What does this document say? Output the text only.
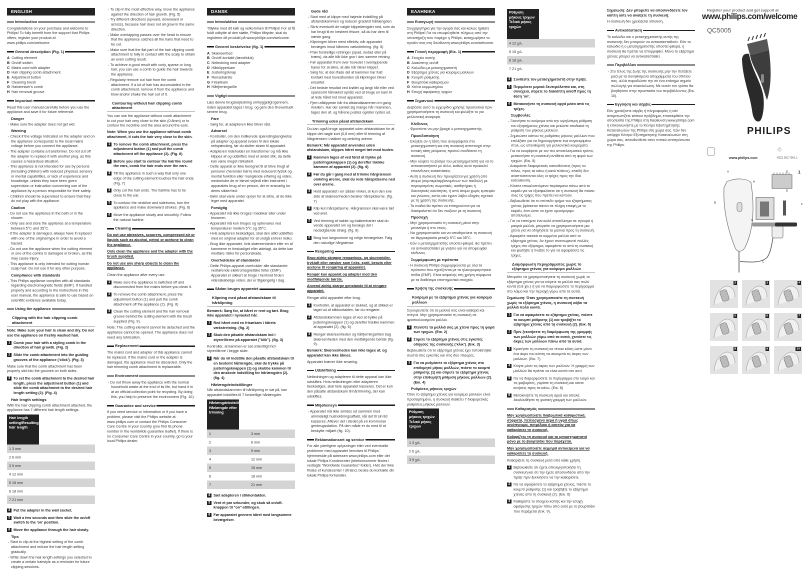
ENGLISH
Introduction
Congratulations on your purchase and welcome to Philips! To fully benefit from the support that Philips offers, register your product at www.philips.com/welcome.
General description (Fig. 1)
A Cutting element
B On/off switch
C Mains cord with adapter
D Hair clipping comb attachment
E Adjustment button
F Cleaning brush
G Hairdresser's comb
H Hair removal groove
Important
Read this user manual carefully before you use the appliance and save it for future reference.
Danger
- Make sure the adapter does not get wet.
Warning
- Check if the voltage indicated on the adapter and on the appliance corresponds to the local mains voltage before you connect the appliance.
- The adapter contains a transformer. Do not cut off the adapter to replace it with another plug, as this causes a hazardous situation.
- This appliance is not intended for use by persons (including children) with reduced physical, sensory or mental capabilities, or lack of experience and knowledge, unless they have been given supervision or instruction concerning use of the appliance by a person responsible for their safety.
- Children should be supervised to ensure that they do not play with the appliance.
Caution
- Do not use the appliance in the bath or in the shower.
- Only use and store the appliance at a temperature between 5°C and 35°C.
- If the adapter is damaged, always have it replaced with one of the original type in order to avoid a hazard.
- Do not use the appliance when the cutting element or one of the combs is damaged or broken, as this may cause injury.
- This appliance is only intended for cutting human scalp hair. Do not use it for any other purpose.
Compliance with standards
- This Philips appliance complies with all standards regarding electromagnetic fields (EMF). If handled properly and according to the instructions in this user manual, the appliance is safe to use based on scientific evidence available today.
Using the appliance
Clipping with the hair clipping comb attachment
Note: Make sure your hair is clean and dry. Do not use the appliance on freshly washed hair.
1 Comb your hair with a styling comb in the direction of hair growth. (Fig. 2)
2 Slide the comb attachment into the guiding grooves of the appliance ('click'). (Fig. 3)
Make sure that the comb attachment has been properly slid into the grooves on both sides.
3 To set the comb attachment to the desired hair length, press the adjustment button (1) and slide the comb attachment to the desired hair length setting (2). (Fig. 4)
Hair length settings
With the hair clipping comb attachment attached, the appliance has 7 different hair length settings.
Hair length setting/Resulting hair length
1 3 mm
2 6 mm
3 9 mm
4 12 mm
5 15 mm
6 18 mm
7 21 mm
4 Put the adapter in the wall socket.
5 Wait a few seconds and then slide the on/off switch to the 'on' position.
6 Move the appliance through the hair slowly.
Tips
- Start to clip at the highest setting of the comb attachment and reduce the hair length setting gradually.
- Write down the hair length settings you selected to create a certain hairstyle as a reminder for future clipping sessions.
- To clip in the most effective way, move the appliance against the direction of hair growth. (Fig. 5)
- Try different directions (upward, downward or across), because hair does not all grow in the same direction.
- Make overlapping passes over the head to ensure that the appliance catches all the hairs that need to be cut.
- Make sure that the flat part of the hair clipping comb attachment is fully in contact with the scalp to obtain an even cutting result.
- To achieve a good result with curly, sparse or long hair, you can use a comb to guide the hair towards the appliance.
- Regularly remove cut hair from the comb attachment. If a lot of hair has accumulated in the comb attachment, remove it from the appliance and blow and/or shake the hair out of it.
Contouring without hair clipping comb attachment
You can use the appliance without comb attachment to cut your hair very close to the skin (0.8mm) or to contour the neckline and the area around the ears.
Note: When you use the appliance without comb attachment, it cuts the hair very close to the skin.
1 To remove the comb attachment, press the adjustment button (1) and pull the comb attachment off the appliance (2). (Fig. 6)
2 Before you start to contour the hairline round the ears, comb the hair ends over the ears.
3 Tilt the appliance in such a way that only one edge of the cutting element touches the hair ends. (Fig. 7)
4 Only cut the hair ends. The hairline has to be close to the ear.
5 To contour the neckline and sideburns, turn the appliance and make downward strokes. (Fig. 8)
6 Move the appliance slowly and smoothly. Follow the natural hairline.
Cleaning
Do not use abrasives, scourers, compressed air or liquids such as alcohol, petrol or acetone to clean the appliance.
Only clean the appliance and the adapter with the brush supplied.
Do not use any sharp objects to clean the appliance.
Clean the appliance after every use.
1 Make sure the appliance is switched off and disconnected from the mains before you clean it.
2 To remove the comb attachment, press the adjustment button (1) and pull the comb attachment off the appliance (2). (Fig. 6)
3 Clean the cutting element and the hair removal groove behind the cutting element with the brush supplied (Fig. 9).
Note: The cutting element cannot be detached and the appliance cannot be opened. The appliance does not need any lubrication.
Replacement
The mains cord and adapter of this appliance cannot be replaced. If the mains cord or the adapter is damaged, the appliance must be discarded. Only the hair trimming comb attachment is replaceable.
Environment
- Do not throw away the appliance with the normal household waste at the end of its life, but hand it in at an official collection point for recycling. By doing this, you help to preserve the environment (Fig. 10).
Guarantee and service
If you need service or information or if you have a problem, please visit the Philips website at www.philips.com or contact the Philips Consumer Care Centre in your country (you find its phone number in the worldwide guarantee leaflet). If there is no Consumer Care Centre in your country, go to your local Philips dealer.
DANSK
Introduktion
Tillykke med dit køb og velkommen til Philips! For at få fuldt udbytte af den støtte, Philips tilbyder, skal du registrere dit produkt på www.philips.com/welcome.
Generel beskrivelse (fig. 1)
A Skæreenhed
B On/off-kontakt (tænd/sluk)
C Netledning med adapter
D Hårklipperkam
E Justeringsknap
F Rensebørste
G Frisørkam
H Hårfjerningsrille
Vigtigt
Læs denne brugsvejledning omhyggeligt igennem, inden apparatet tages i brug, og gem den til eventuelt senere brug.
Fare
- Sørg for, at adapteren ikke bliver våd.
Advarsel
- Kontrollér, om den indikerede spændingsangivelse på adapter og apparat svarer til den lokale netspænding, før du slutter strøm til apparatet.
- Adapteren indeholder en transformer og må ikke klippes af og udskiftes med et andet stik, da dette kan være meget risikabelt.
- Dette apparat er ikke beregnet til at blive brugt af personer (herunder børn) med reduceret fysisk og mental funktion eller manglende erfaring og viden, medmindre de er blevet vejledt eller instrueret i apparatets brug af en person, der er ansvarlig for deres sikkerhed.
- Børn skal være under opsyn for at sikre, at de ikke leger med apparatet.
Forsigtig
- Apparatet må ikke bruges i badekar eller under bruseren.
- Apparatet må kun bruges og opbevares ved temperaturer mellem 5°C og 35°C.
- Hvis adapteren beskadiges, skal den altid udskiftes med en original adapter for at undgå enhver risiko.
- Brug ikke apparatet, hvis skæreenheden eller en af kammene er beskadiget eller ødelagt, da dette kan medføre risiko for personskade.
Overholdelse af standarder
- Dette Philips-apparat overholder alle standarder vedrørende elektromagnetiske felter (EMF). Apparatet er sikkert at bruge i henhold til den videnskabelige viden, der er tilgængelig i dag.
Sådan bruges apparatet
Klipning med påsat afstandskam til hårklipning
Bemærk: Sørg for, at håret er rent og tørt. Brug ikke apparatet i nyvasket hår.
1 Red håret med en frisørkam i hårets vækstretning. (fig. 2)
2 Skub den påsatte afstandskam ind i styrerillerne på apparatet ("klik"). (fig. 3)
Kontrollér, at kammen er sat ordentligt ind i styrerillerne i begge sider.
3 Når du vil indstille den påsatte afstandskam til en bestemt hårlængde, skal du trykke på justeringsknappen (1) og skubbe kammen til den ønskede indstilling for hårlængden (2). (fig. 4)
Hårlængdeindstillinger
Når afstandskammen til hårklipning er sat på, kan apparatet indstilles til 7 forskellige hårlængder.
Hårlængdeindstilling Hårlængde efter trimning
1	3 mm
2	6 mm
3	9 mm
4	12 mm
5	15 mm
6	18 mm
7	21 mm
4 Sæt adapteren i stikkontakten.
5 Vent et par sekunder, og skub så on/off-knappen til "on"-stillingen.
6 Før apparatet gennem håret med langsomme bevægelser.
Gode råd
- Start med at klippe med højeste indstilling på afstandskammen og reducér gradvist hårlængden.
- Skriv eventuelt de valgte klippelængder ned, som du har brugt til en bestemt frisure, så du har dem til næste gang.
- Klipningen bliver mest effektiv, når apparatet bevæges imod hårenes vækstretning. (fig. 5)
- Prøv forskellige retninger (opad, nedad eller på tværs), da alle hår ikke gror i den samme retning.
- Før apparatet frem over hovedet i overlappende baner for at sikre, at alle hår bliver klippet.
- Sørg for, at den flade del af kammen har fuld kontakt med hovedbunden så klipningen bliver ensartet.
- Det bedste resultat ved krøllet og langt hår eller ved spansomt hårvækst opnås ved at bruge en kam til at lede håret ind imod apparatet.
- Fjern afklippede hår fra afstandskammen en gang imellem. Har der samlet sig mange hår i kammen, tages den af, og hårene pustes og/eller rystes ud.
Trimning uden påsat afstandskam
Du kan også bruge apparatet uden afstandskam for at klippe det nøgle kort (0,8 mm) eller til trimning af hårgrænsen i nakken og omkring ørerne.
Bemærk: Når apparatet anvendes uden afstandskam, klippes håret meget tæt mod huden.
1 Kammen tages af ved først at trykke på justeringsknappen (1) og derefter trække kammen af apparatet (2). (fig. 6)
2 Før du går i gang med at trimme hårgrænsen omkring ørerne, skal du rede hårspidserne ned over ørerne.
3 Hold apparatet i en sådan vinkel, at kun den ene side af skæreenheden berører hårspidserne. (fig. 7)
4 Klip kun hårspidserne. Hårgrænsen skal være tæt ved øret.
5 Ved trimning af nakke og bakkenbarter skal du vende apparatet om og bevæge det i nedadgående stræg. (fig. 8)
6 Brug kun langsomme og rolige bevægelser. Følg den naturlige hårgrænse.
Rengøring
Brug aldrig skrappe rengørings- og skuremidler, trykluft eller væsker som f.eks. sprit, benzin eller acetone til rengøring af apparatet.
Rengør kun apparat og adapter med den medfølgende børste.
Anvend aldrig skarpe genstande til at rengøre apparatet.
Rengør altid apparatet efter brug.
1 Kontrollér, at apparatet er slukket, og at stikket er taget ud af stikkontakten, før du rengører.
2 Afstandskammen tages af ved at trykke på justeringsknappen (1) og derefter trække kammen af apparatet (2). (fig. 6)
3 Rengør skæreenheden og hårfjerningsrillen bag skæreenheden med den medfølgende børste (fig. 9).
Bemærk: Skæreenheden kan ikke tages af, og apparatet kan ikke åbnes.
Apparatet kræver ikke smøring.
Udskiftning
Netledningen og adapteren til dette apparat kan ikke udskiftes. Hvis netledningen eller adapteren beskadiges, skal hele apparatet kasseres. Det er kun den påsatte afstandskam til hårtrimning, der kan udskiftes.
Miljøhensyn
- Apparatet må ikke smides ud sammen med almindeligt husholdningsaffald, når det til sin tid kasseres. Aflever det i stedet på en kommunal genbrugsstation. På den måde er du med til at beskytte miljøet (fig. 10).
Reklamationsret og service
For alle yderligere oplysninger eller ved eventuelle problemer med apparatet henvises til Philips’ hjemmeside på adressen www.philips.com eller det lokale Philips Kundecenter (telefonnummer findes i vedlagte ”Worldwide Guarantee”-folder). Hvis der ikke findes et kundecenter i dit land, bedes du kontakte din lokale Philips-forhandler.
ΕΛΛΗΝΙΚΑ
Εισαγωγή
Συγχαρητήρια για την αγορά σας και καλώς ήρθατε στη Philips! Για να επωφεληθείτε πλήρως από την υποστήριξη που παρέχει η Philips, καταχωρήστε το προϊόν σας στη διεύθυνση www.philips.com/welcome.
Γενική περιγραφή (Εικ. 1)
A Στοιχείο κοπής
B Διακόπτης on/off
C Καλώδιο με μετασχηματιστή
D Εξάρτημα χτένας για κούρεμα μαλλιών
E Κουμπί ρύθμισης
F Βουρτσάκι καθαρισμού
G Χτένα κομμωτηρίου
H Εσοχή αφαίρεσης τριχών
Σημαντικό
Διαβάστε αυτό το εγχειρίδιο χρήσης προσεκτικά πριν χρησιμοποιήσετε τη συσκευή και φυλάξτε το για μελλοντική αναφορά.
Κίνδυνος
- Φροντίστε να μην βραχεί ο μετασχηματιστής.
Προειδοποίηση
- Ελέγξτε αν η τάση που αναγράφεται στο μετασχηματιστή και στη συσκευή αντιστοιχεί στην τοπική τάση ρεύματος προτού συνδέσετε τη συσκευή.
- Μην κόψετε το βύσμα του μετασχηματιστή για να το αντικαταστήσετε με άλλο, καθώς αυτό προκαλεί επικίνδυνες καταστάσεις.
- Αυτή η συσκευή δεν προορίζεται για χρήση από άτομα (συμπεριλαμβανομένων των παιδιών) με περιορισμένες σωματικές, αισθητήριες ή διανοητικές ικανότητες, ή από άτομα χωρίς εμπειρία και γνώσεις, εκτός εάν έχουν λάβει οδηγίες σχετικά με τη χρήση της συσκευής.
- Τα παιδιά θα πρέπει να επιτηρούνται για να διασφαλιστεί ότι δεν παίζουν με τη συσκευή.
Προσοχή
- Μην χρησιμοποιείτε τη συσκευή μέσα στην μπανιέρα ή στο ντους.
- Να χρησιμοποιείτε και να αποθηκεύετε τη συσκευή σε θερμοκρασία μεταξύ 5°C και 35°C.
- Εάν ο μετασχηματιστής υποστεί φθορά, θα πρέπει να αντικατασταθεί με γνήσιο για να αποφευχθεί κίνδυνος.
Συμμόρφωση με πρότυπα
- Η συσκευή Philips συμμορφώνεται με όλα τα πρότυπα που σχετίζονται με τα ηλεκτρομαγνητικά πεδία (EMF). Είναι ασφαλής στη χρήση σύμφωνα με τα διαθέσιμα επιστημονικά στοιχεία.
Χρήση της συσκευής
Κούρεμα με το εξάρτημα χτένας για κούρεμα μαλλιών
Σιγουρευτείτε ότι τα μαλλιά σας είναι καθαρά και στεγνά. Μην χρησιμοποιείτε τη συσκευή σε φρεσκολουσμένα μαλλιά.
1 Χτενίστε τα μαλλιά σας με χτένα προς τη φορά των τριχών. (Εικ. 2)
2 Σύρετε το εξάρτημα χτένας στις εγκοπές οδηγούς της συσκευής (‘κλικ’). (Εικ. 3)
Βεβαιωθείτε ότι το εξάρτημα χτένας έχει τοποθετηθεί σωστά στις εγκοπές και στις δύο πλευρές.
3 Για να ρυθμίσετε το εξάρτημα χτένας στο επιθυμητό μήκος μαλλιών, πιέστε το κουμπί ρύθμισης (1) και σύρετε το εξάρτημα χτένας στην επιθυμητή ρύθμιση μήκους μαλλιών (2). (Εικ. 4)
Ρυθμίσεις μήκους τριχών
Όταν το εξάρτημα χτένας για κούρεμα μαλλιών είναι προσαρτημένο, η συσκευή διαθέτει 7 διαφορετικές ρυθμίσεις μήκους μαλλιών.
Ρύθμιση μήκους τριχών Τελικό μήκος τριχών
1 3 χιλ.
2 6 χιλ.
3 9 χιλ.
Ρύθμιση μήκους τριχών Τελικό μήκος τριχών
4 12 χιλ.
5 15 χιλ.
6 18 χιλ.
7 21 χιλ.
4 Συνδέστε τον μετασχηματιστή στην πρίζα.
5 Περιμένετε μερικά δευτερόλεπτα και, στη συνέχεια, σύρετε το διακόπτη on/off προς τη θέση ‘on’.
6 Μετακινήστε τη συσκευή αργά μέσα από τις τρίχες.
Συμβουλές
- Ξεκινήστε το κούρεμα από την υψηλότερη ρύθμιση του εξαρτήματος χτένας και μειώστε σταδιακά τη ρύθμιση του μήκους μαλλιών.
- Σημειώστε κάπου τις ρυθμίσεις μήκους μαλλιών που επιλέξατε για να δημιουργήσετε ένα συγκεκριμένο στυλ, ως υπενθύμιση για μελλοντικά κουρέματα.
- Για να κουρέψετε με τον πιο αποτελεσματικό τρόπο, μετακινήστε τη συσκευή αντίθετα από τη φορά των τριχών. (Εικ. 5)
- Δοκιμάστε διαφορετικές κατευθύνσεις (προς τα πάνω, προς τα κάτω ή κατά πλάτος), επειδή δεν αναπτύσσονται όλες οι τρίχες προς την ίδια κατεύθυνση.
- Κάνετε επικαλυπτόμενα περάσματα πάνω από το κεφάλι για να εξασφαλίσετε ότι η συσκευή θα πιάσει όλες τις τρίχες που πρέπει να κοπούν.
- Βεβαιωθείτε ότι το επίπεδο τμήμα του εξαρτήματος χτένας βρίσκεται πάντα σε πλήρη επαφή με το κεφάλι, έτσι ώστε να έχετε ομοιόμορφο αποτέλεσμα.
- Για να επιτύχετε ένα καλό αποτέλεσμα σε σγουρά ή μακριά μαλλιά, μπορείτε να χρησιμοποιήσετε μια χτένα για να οδηγήσετε τα μαλλιά προς τη συσκευή.
- Αφαιρείτε τακτικά τα κομμένα μαλλιά από το εξάρτημα χτένας. Αν έχουν συσσωρευτεί πολλές τρίχες στο εξάρτημα, αφαιρέστε το από τη συσκευή και φυσήξτε ή τινάξτε το για να αφαιρέσετε τις τρίχες.
Διαμόρφωση περιγράμματος χωρίς το εξάρτημα χτένας για κούρεμα μαλλιών
Μπορείτε να χρησιμοποιήσετε τη συσκευή χωρίς το εξάρτημα χτένας για να κόψετε τα μαλλιά σας πολύ κοντά (0,8 χιλ.) ή για να διαμορφώσετε το περίγραμμα στο λαιμό και την περιοχή γύρω από τα αυτιά.
Σημείωση: Όταν χρησιμοποιείτε τη συσκευή χωρίς το εξάρτημα χτένας, η συσκευή κόβει τα μαλλιά πολύ κοντά.
1 Για να αφαιρέσετε το εξάρτημα χτένας, πιέστε το κουμπί ρύθμισης (1) και τραβήξτε το εξάρτημα χτένας από τη συσκευή (2). (Εικ. 6)
2 Πριν ξεκινήσετε τη διαμόρφωση της γραμμής των μαλλιών γύρω από τα αυτιά, χτενίστε τις άκρες των μαλλιών πάνω από τα αυτιά.
3 Κρατήστε τη συσκευή σε τέτοια κλίση ώστε μόνο ένα άκρο του κόπτη να ακουμπά τις άκρες των μαλλιών. (Εικ. 7)
4 Κόψτε μόνο τις άκρες των μαλλιών. Η γραμμή των μαλλιών θα πρέπει να είναι κοντά στο αυτί.
5 Για να διαμορφώσετε το περίγραμμα στο λαιμό και τις φαβορίτες, γυρίστε τη συσκευή και κάντε κινήσεις προς τα κάτω. (Εικ. 8)
6 Μετακινήστε τη συσκευή αργά και απαλά. Ακολουθήστε τη φυσική γραμμή των μαλλιών.
Καθαρισμός
Μην χρησιμοποιείτε διαβρωτικά καθαριστικά, σύρματα, πεπιεσμένο αέρα ή υγρά όπως οινόπνευμα, πετρέλαιο ή ασετόν για να καθαρίσετε τη συσκευή.
Καθαρίζετε τη συσκευή και το μετασχηματιστή μόνο με το βουρτσάκι που παρέχεται.
Μην χρησιμοποιείτε αιχμηρά αντικείμενα για να καθαρίσετε τη συσκευή.
Καθαρίζετε τη συσκευή μετά από κάθε χρήση.
1 Βεβαιωθείτε ότι έχετε απενεργοποιήσει τη συσκευή και ότι την έχετε αποσυνδέσει από την πρίζα πριν ξεκινήσετε να την καθαρίσετε.
2 Για να αφαιρέσετε το εξάρτημα χτένας, πιέστε το κουμπί ρύθμισης (1) και τραβήξτε το εξάρτημα χτένας από τη συσκευή (2). (Εικ. 6)
3 Καθαρίστε το στοιχείο κοπής και την εσοχή αφαίρεσης τριχών πίσω από αυτό με το βουρτσάκι που παρέχεται (Εικ. 9).
Σημείωση: Δεν μπορείτε να αποσυνδέσετε τον κόπτη ούτε να ανοίξετε τη συσκευή.
Η συσκευή δεν χρειάζεται λίπανση.
Αντικατάσταση
Το καλώδιο και ο μετασχηματιστής αυτής της συσκευής δεν μπορούν να αντικατασταθούν. Εάν το καλώδιο ή ο μετασχηματιστής υποστεί φθορά, η συσκευή θα πρέπει να απορριφθεί. Μόνο το εξάρτημα χτένας μπορεί να αντικατασταθεί.
Περιβάλλον
- Στο τέλος της ζωής της συσκευής μην την πετάξετε μαζί με τα συνηθισμένα απορρίμματα του σπιτιού σας, αλλά παραδώστε την σε ένα επίσημο σημείο συλλογής για ανακύκλωση. Με αυτόν τον τρόπο θα βοηθήσετε στην προστασία του περιβάλλοντος (Εικ. 10).
Εγγύηση και σέρβις
Εάν χρειάζεστε σέρβις ή πληροφορίες ή εάν αντιμετωπίζετε κάποιο πρόβλημα, επισκεφθείτε την ιστοσελίδα της Philips στη διεύθυνση www.philips.com ή επικοινωνήστε με το Κέντρο Εξυπηρέτησης Καταναλωτών της Philips στη χώρα σας. Εάν δεν υπάρχει Κέντρο Εξυπηρέτησης Καταναλωτών στη χώρα σας, απευθυνθείτε στον τοπικό αντιπρόσωπο της Philips.
Register your product and get support at
QC5005
PHILIPS
www.philips.com
♲
4222.002.7361.1
1
A
B
C
D
E
F
G
H
2	3	4
5	6	7
8	9	10
www.philips.com/welcome
